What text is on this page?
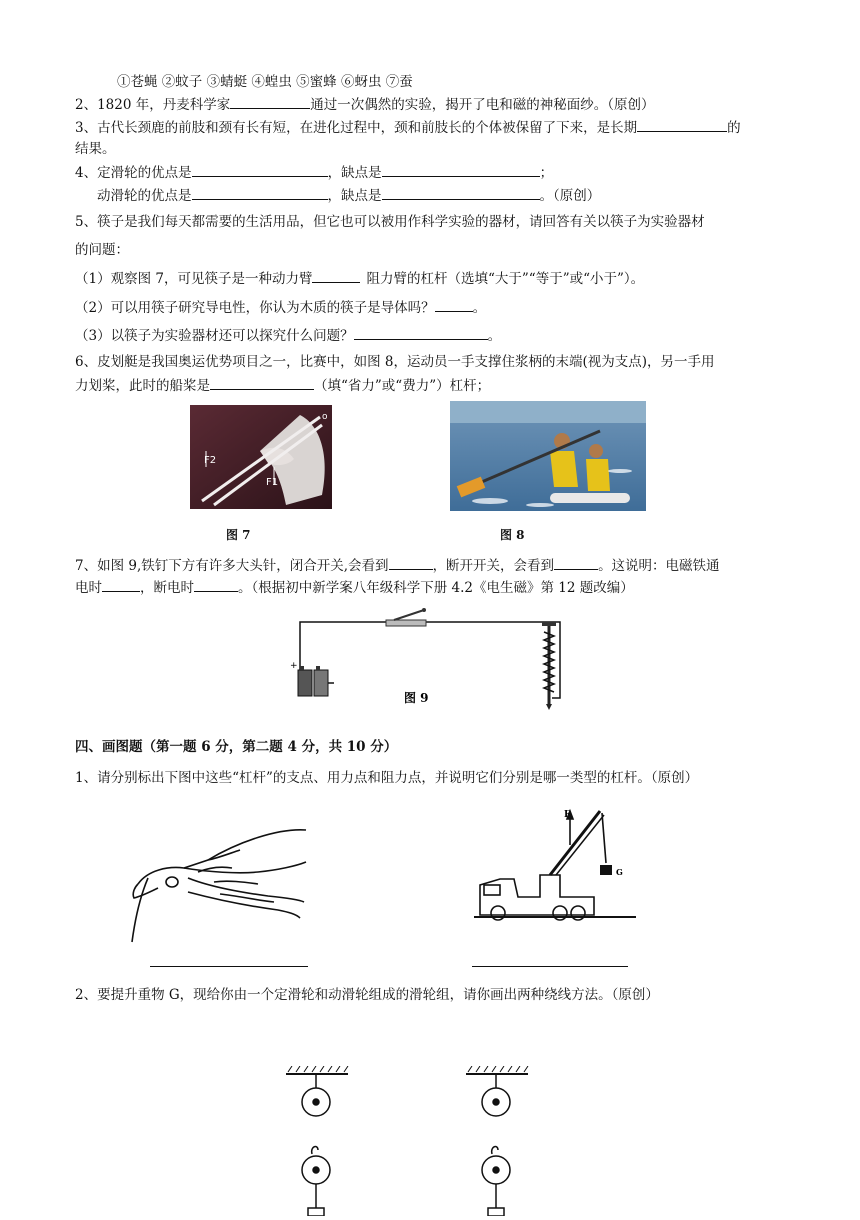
①苍蝇 ②蚊子 ③蜻蜓 ④蝗虫 ⑤蜜蜂 ⑥蚜虫 ⑦蚕
2、1820 年，丹麦科学家	通过一次偶然的实验，揭开了电和磁的神秘面纱。（原创）
3、古代长颈鹿的前肢和颈有长有短，在进化过程中，颈和前肢长的个体被保留了下来，是长期	的
结果。
4、定滑轮的优点是	，缺点是	；
动滑轮的优点是	，缺点是	。（原创）
5、筷子是我们每天都需要的生活用品，但它也可以被用作科学实验的器材，请回答有关以筷子为实验器材
的问题：
（1）观察图 7，可见筷子是一种动力臂	阻力臂的杠杆（选填“大于”“等于”或“小于”）。
（2）可以用筷子研究导电性，你认为木质的筷子是导体吗？	。
（3）以筷子为实验器材还可以探究什么问题？	。
6、皮划艇是我国奥运优势项目之一，比赛中，如图 8，运动员一手支撑住浆柄的末端(视为支点)，另一手用
力划桨，此时的船桨是	（填“省力”或“费力”）杠杆；
o
F2
F1
图 7	图 8
7、如图 9,铁钉下方有许多大头针，闭合开关,会看到	，断开开关，会看到	。这说明：电磁铁通
电时	，断电时	。（根据初中新学案八年级科学下册 4.2《电生磁》第 12 题改编）
+
图 9
四、画图题（第一题 6 分，第二题 4 分，共 10 分）
1、请分别标出下图中这些“杠杆”的支点、用力点和阻力点，并说明它们分别是哪一类型的杠杆。（原创）
F
G
2、要提升重物 G，现给你由一个定滑轮和动滑轮组成的滑轮组，请你画出两种绕线方法。（原创）
